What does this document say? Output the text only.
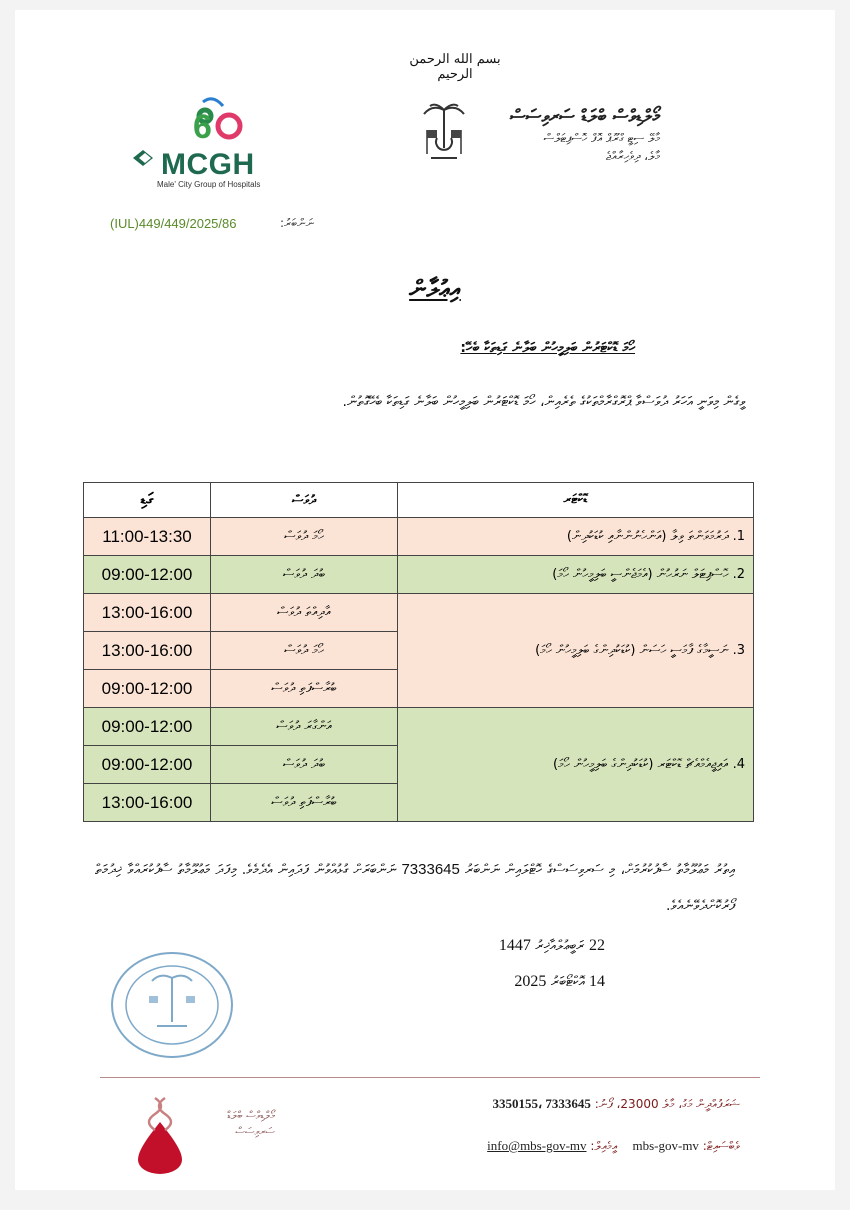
بسم الله الرحمن الرحيم
6
MCGH
Male' City Group of Hospitals
މޯލްޑިވްސް ބްލަޑް ސަރވިސަސް
މާލޭ ސިޓީ ގްރޫޕް އޮފް ހޮސްޕިޓަލްސް
މާލެ، ދިވެހިރާއްޖެ
(IUL)449/449/2025/86	ނަންބަރު:
އިޢުލާން
ހޯމަ ޑޮކްޓަރުން ބަލިމީހުން ބަލާނެ ގަޑިތަކާ ބެހޭ:
ވީގެން މިވަނީ އަހަރު ދުވަސްވާ ޕްރޮގްރާމްތަކުގެ ތެރެއިން، ހޯމަ ޑޮކްޓަރުން ބަލިމީހުން ބަލާނެ ގަޑިތަކާ ބެހޭގޮތުން.
ގަޑި	ދުވަސް	ޑޮކްޓަރ
11:00-13:30	ހޯމަ ދުވަސް	1. ދަރުމަވަންތަ ވިލާ (އަންހެނުންނާއި ކުޑަކުދިން)
09:00-12:00	ބުދަ ދުވަސް	2. ހޮސްޕިޓަލް ނަރުހުން (އެމަޖެންސީ ބަލިމީހުން ހޯމަ)
13:00-16:00	އާދިއްތަ ދުވަސް	3. ނަސީމާގެ ފާމަސީ ހަސަން (ކުޑަކުދިންގެ ބަލިމީހުން ހޯމަ)
13:00-16:00	ހޯމަ ދުވަސް	
09:00-12:00	ބުރާސްފަތި ދުވަސް	
09:00-12:00	އަންގާރަ ދުވަސް	4. އައިޖީއެމްއެޗް ޑޮކްޓަރ (ކުޑަކުދިންގެ ބަލިމީހުން ހޯމަ)
09:00-12:00	ބުދަ ދުވަސް	
13:00-16:00	ބުރާސްފަތި ދުވަސް	
އިތުރު މަޢުލޫމާތު ސާފުކުރުމަށް، މި ސަރވިސަސްގެ ހޮޓްލައިން ނަންބަރު 7333645 ނަންބަރަށް ގުޅުއްވުން ފަދައިން އެދެމެވެ. މިފަދަ މަޢުލޫމާތު ސާފުކުރައްވާ ޚިދުމަތް ފޯރުކޮށްދެވޭނެއެވެ.
22 ރަބީޢުލްއާޚިރު 1447
14 އޮކްޓޯބަރު 2025
ޝަރަފުއްދީން މަގު، މާލެ 23000، ފޯނު: 7333645 ،3350155
ވެބްސައިޓް: mbs-gov-mv    އީމެއިލް: info@mbs-gov-mv
މޯލްޑިވްސް ބްލަޑް ސަރވިސަސް
